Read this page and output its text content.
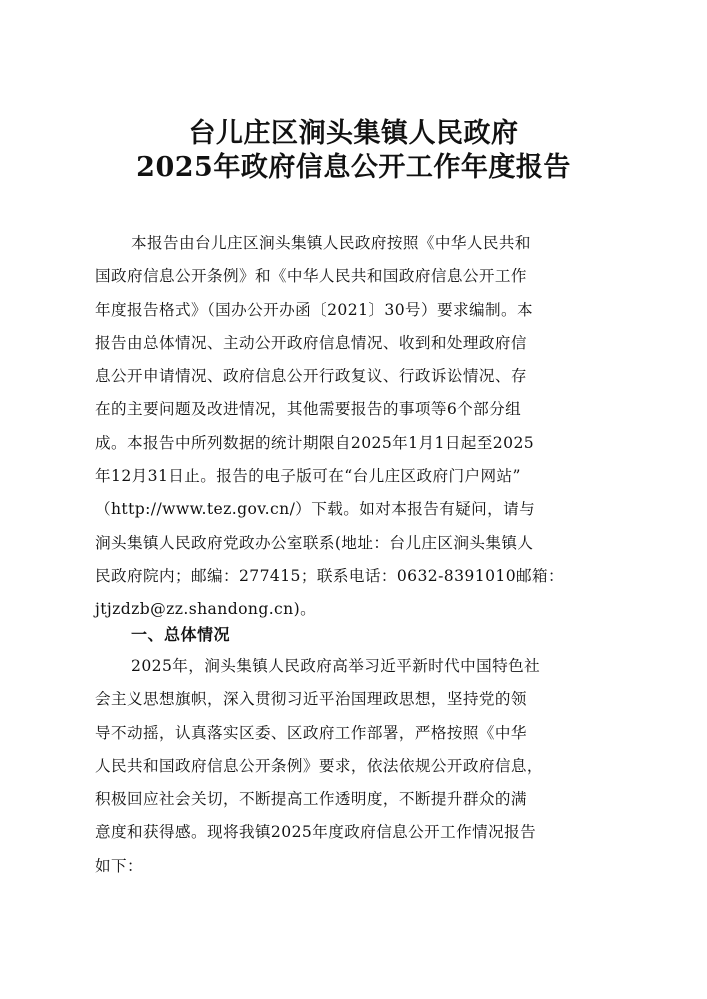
台儿庄区涧头集镇人民政府
2025年政府信息公开工作年度报告
本报告由台儿庄区涧头集镇人民政府按照《中华人民共和
国政府信息公开条例》和《中华人民共和国政府信息公开工作
年度报告格式》（国办公开办函〔2021〕30号）要求编制。本
报告由总体情况、主动公开政府信息情况、收到和处理政府信
息公开申请情况、政府信息公开行政复议、行政诉讼情况、存
在的主要问题及改进情况，其他需要报告的事项等6个部分组
成。本报告中所列数据的统计期限自2025年1月1日起至2025
年12月31日止。报告的电子版可在“台儿庄区政府门户网站”
（http://www.tez.gov.cn/）下载。如对本报告有疑问，请与
涧头集镇人民政府党政办公室联系(地址：台儿庄区涧头集镇人
民政府院内；邮编：277415；联系电话：0632-8391010邮箱：
jtjzdzb@zz.shandong.cn)。
一、总体情况
2025年，涧头集镇人民政府高举习近平新时代中国特色社
会主义思想旗帜，深入贯彻习近平治国理政思想，坚持党的领
导不动摇，认真落实区委、区政府工作部署，严格按照《中华
人民共和国政府信息公开条例》要求，依法依规公开政府信息，
积极回应社会关切，不断提高工作透明度，不断提升群众的满
意度和获得感。现将我镇2025年度政府信息公开工作情况报告
如下：
